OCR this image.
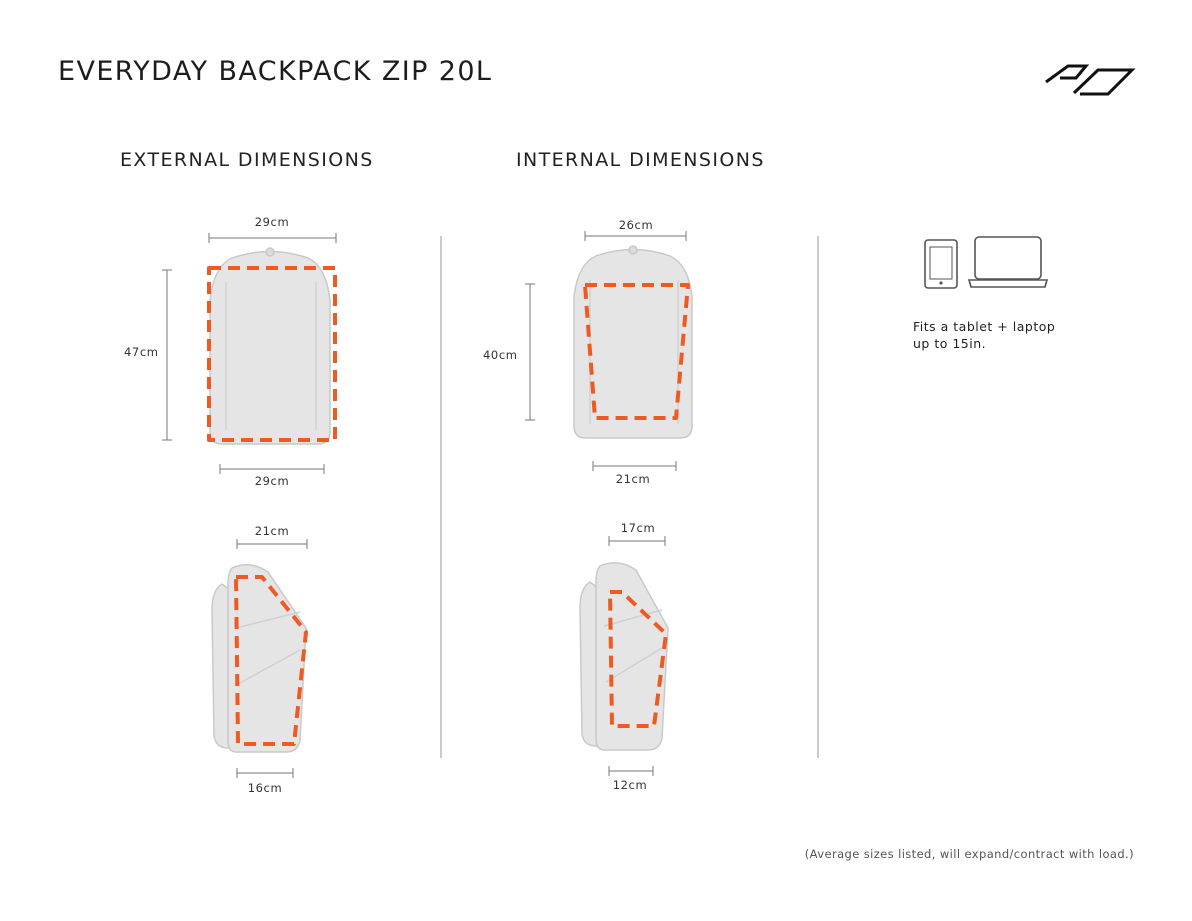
EVERYDAY BACKPACK ZIP 20L
EXTERNAL DIMENSIONS	INTERNAL DIMENSIONS
29cm
47cm
29cm
26cm
40cm
21cm
21cm
16cm
17cm
12cm
Fits a tablet + laptop
up to 15in.
(Average sizes listed, will expand/contract with load.)
